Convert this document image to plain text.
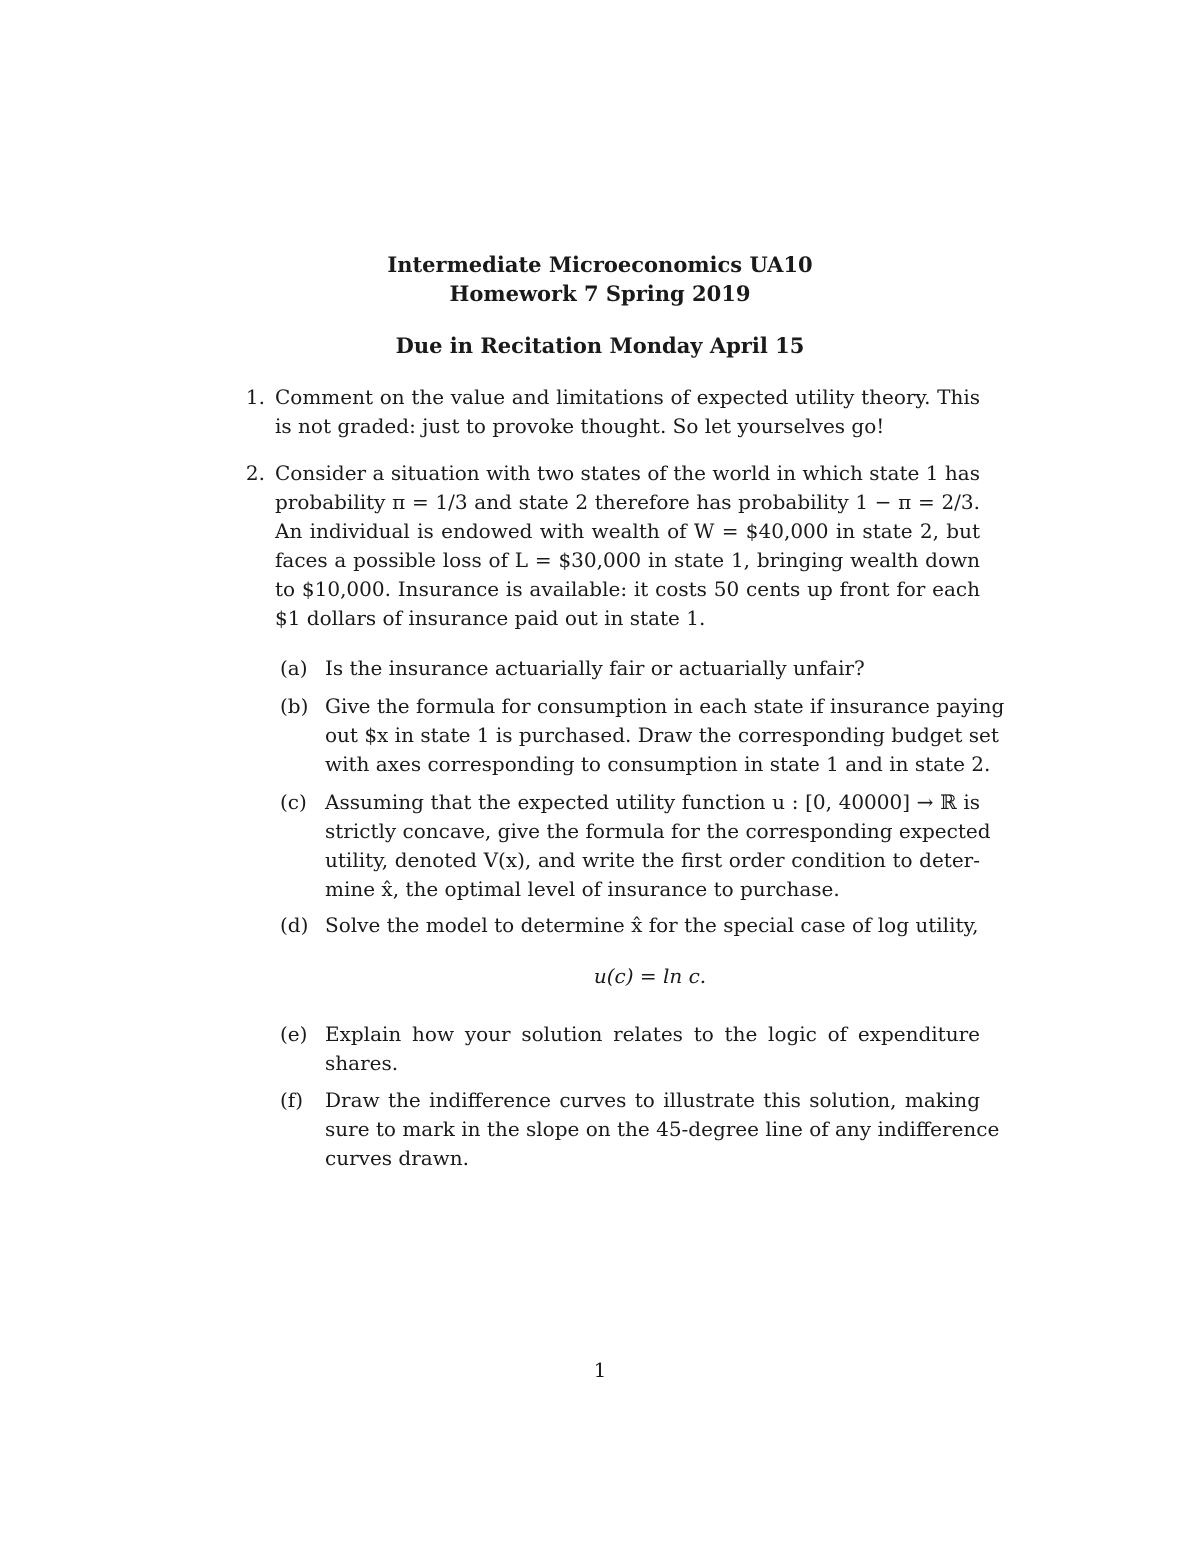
Intermediate Microeconomics UA10
Homework 7 Spring 2019
Due in Recitation Monday April 15
1. Comment on the value and limitations of expected utility theory. This
is not graded: just to provoke thought. So let yourselves go!
2. Consider a situation with two states of the world in which state 1 has
probability π = 1/3 and state 2 therefore has probability 1 − π = 2/3.
An individual is endowed with wealth of W = $40,000 in state 2, but
faces a possible loss of L = $30,000 in state 1, bringing wealth down
to $10,000. Insurance is available: it costs 50 cents up front for each
$1 dollars of insurance paid out in state 1.
(a) Is the insurance actuarially fair or actuarially unfair?
(b) Give the formula for consumption in each state if insurance paying
out $x in state 1 is purchased. Draw the corresponding budget set
with axes corresponding to consumption in state 1 and in state 2.
(c) Assuming that the expected utility function u : [0, 40000] → ℝ is
strictly concave, give the formula for the corresponding expected
utility, denoted V(x), and write the first order condition to deter-
mine x̂, the optimal level of insurance to purchase.
(d) Solve the model to determine x̂ for the special case of log utility,
u(c) = ln c.
(e) Explain how your solution relates to the logic of expenditure
shares.
(f)	Draw the indifference curves to illustrate this solution, making
sure to mark in the slope on the 45-degree line of any indifference
curves drawn.
1
